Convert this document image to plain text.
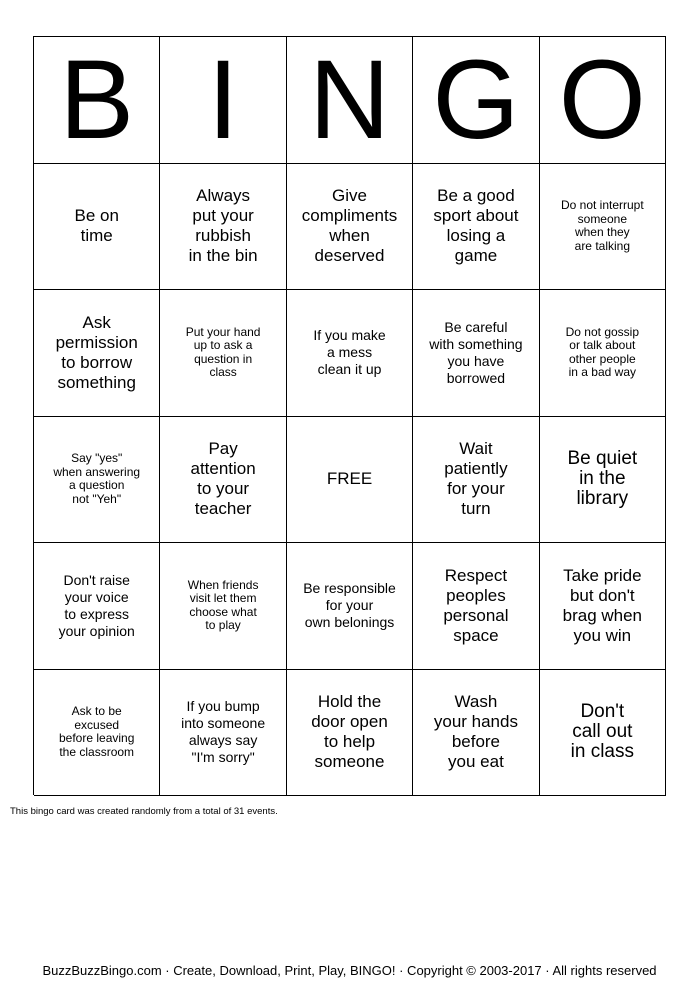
B I N G O
Be on
time
Always
put your
rubbish
in the bin
Give
compliments
when
deserved
Be a good
sport about
losing a
game
Do not interrupt
someone
when they
are talking
Ask
permission
to borrow
something
Put your hand
up to ask a
question in
class
If you make
a mess
clean it up
Be careful
with something
you have
borrowed
Do not gossip
or talk about
other people
in a bad way
Say "yes"
when answering
a question
not "Yeh"
Pay
attention
to your
teacher
FREE
Wait
patiently
for your
turn
Be quiet
in the
library
Don't raise
your voice
to express
your opinion
When friends
visit let them
choose what
to play
Be responsible
for your
own belonings
Respect
peoples
personal
space
Take pride
but don't
brag when
you win
Ask to be
excused
before leaving
the classroom
If you bump
into someone
always say
"I'm sorry"
Hold the
door open
to help
someone
Wash
your hands
before
you eat
Don't
call out
in class
This bingo card was created randomly from a total of 31 events.
BuzzBuzzBingo.com · Create, Download, Print, Play, BINGO! · Copyright © 2003-2017 · All rights reserved
